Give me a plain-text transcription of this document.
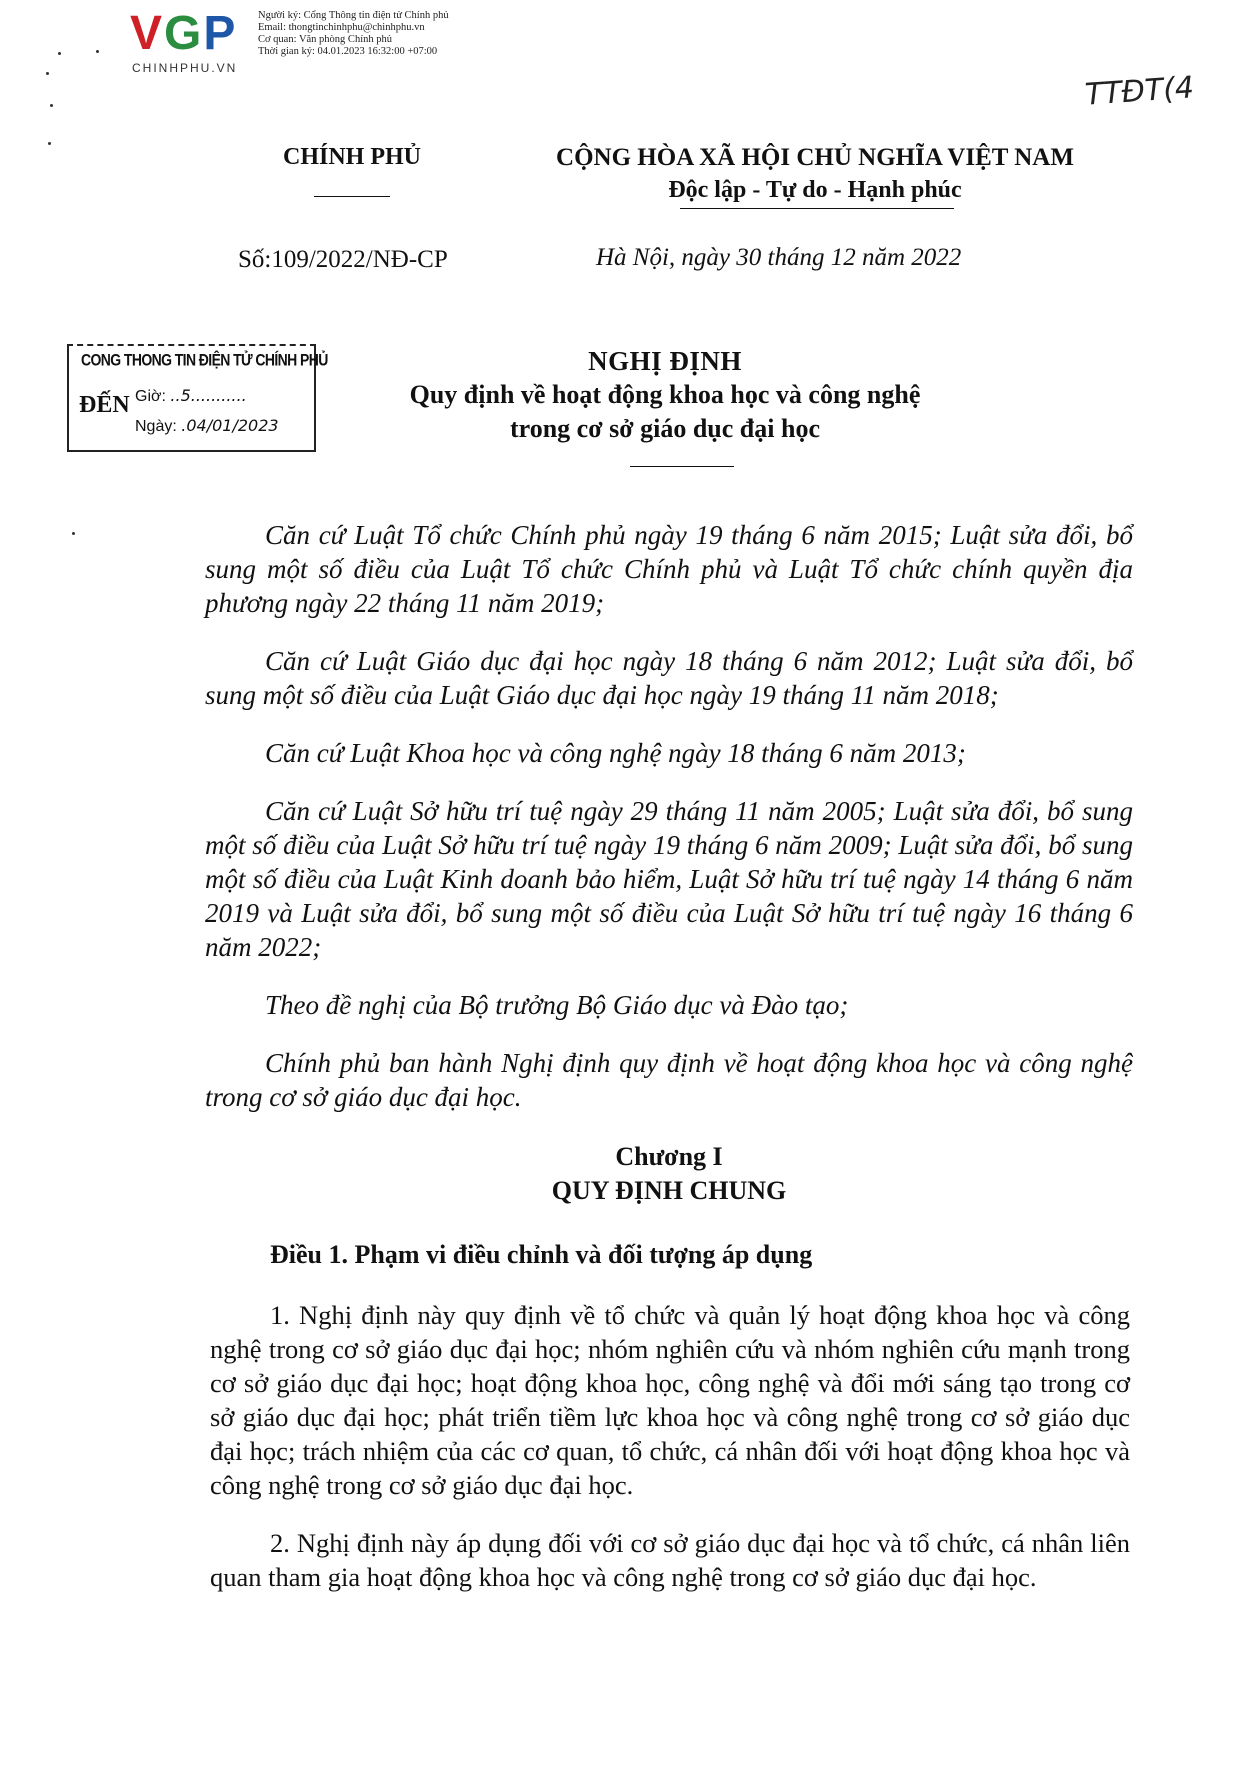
VGP
CHINHPHU.VN
Người ký: Cổng Thông tin điện tử Chính phủ
Email: thongtinchinhphu@chinhphu.vn
Cơ quan: Văn phòng Chính phủ
Thời gian ký: 04.01.2023 16:32:00 +07:00
TTĐT(4
CHÍNH PHỦ	CỘNG HÒA XÃ HỘI CHỦ NGHĨA VIỆT NAM
Độc lập - Tự do - Hạnh phúc
Số:109/2022/NĐ-CP	Hà Nội, ngày 30 tháng 12 năm 2022
CONG THONG TIN ĐIỆN TỬ CHÍNH PHỦ
ĐẾN Giờ: ..5...........
Ngày: .04/01/2023
NGHỊ ĐỊNH
Quy định về hoạt động khoa học và công nghệ
trong cơ sở giáo dục đại học

Căn cứ Luật Tổ chức Chính phủ ngày 19 tháng 6 năm 2015; Luật sửa đổi, bổ sung một số điều của Luật Tổ chức Chính phủ và Luật Tổ chức chính quyền địa phương ngày 22 tháng 11 năm 2019;

Căn cứ Luật Giáo dục đại học ngày 18 tháng 6 năm 2012; Luật sửa đổi, bổ sung một số điều của Luật Giáo dục đại học ngày 19 tháng 11 năm 2018;

Căn cứ Luật Khoa học và công nghệ ngày 18 tháng 6 năm 2013;

Căn cứ Luật Sở hữu trí tuệ ngày 29 tháng 11 năm 2005; Luật sửa đổi, bổ sung một số điều của Luật Sở hữu trí tuệ ngày 19 tháng 6 năm 2009; Luật sửa đổi, bổ sung một số điều của Luật Kinh doanh bảo hiểm, Luật Sở hữu trí tuệ ngày 14 tháng 6 năm 2019 và Luật sửa đổi, bổ sung một số điều của Luật Sở hữu trí tuệ ngày 16 tháng 6 năm 2022;

Theo đề nghị của Bộ trưởng Bộ Giáo dục và Đào tạo;

Chính phủ ban hành Nghị định quy định về hoạt động khoa học và công nghệ trong cơ sở giáo dục đại học.

Chương I
QUY ĐỊNH CHUNG
Điều 1. Phạm vi điều chỉnh và đối tượng áp dụng

1. Nghị định này quy định về tổ chức và quản lý hoạt động khoa học và công nghệ trong cơ sở giáo dục đại học; nhóm nghiên cứu và nhóm nghiên cứu mạnh trong cơ sở giáo dục đại học; hoạt động khoa học, công nghệ và đổi mới sáng tạo trong cơ sở giáo dục đại học; phát triển tiềm lực khoa học và công nghệ trong cơ sở giáo dục đại học; trách nhiệm của các cơ quan, tổ chức, cá nhân đối với hoạt động khoa học và công nghệ trong cơ sở giáo dục đại học.

2. Nghị định này áp dụng đối với cơ sở giáo dục đại học và tổ chức, cá nhân liên quan tham gia hoạt động khoa học và công nghệ trong cơ sở giáo dục đại học.
